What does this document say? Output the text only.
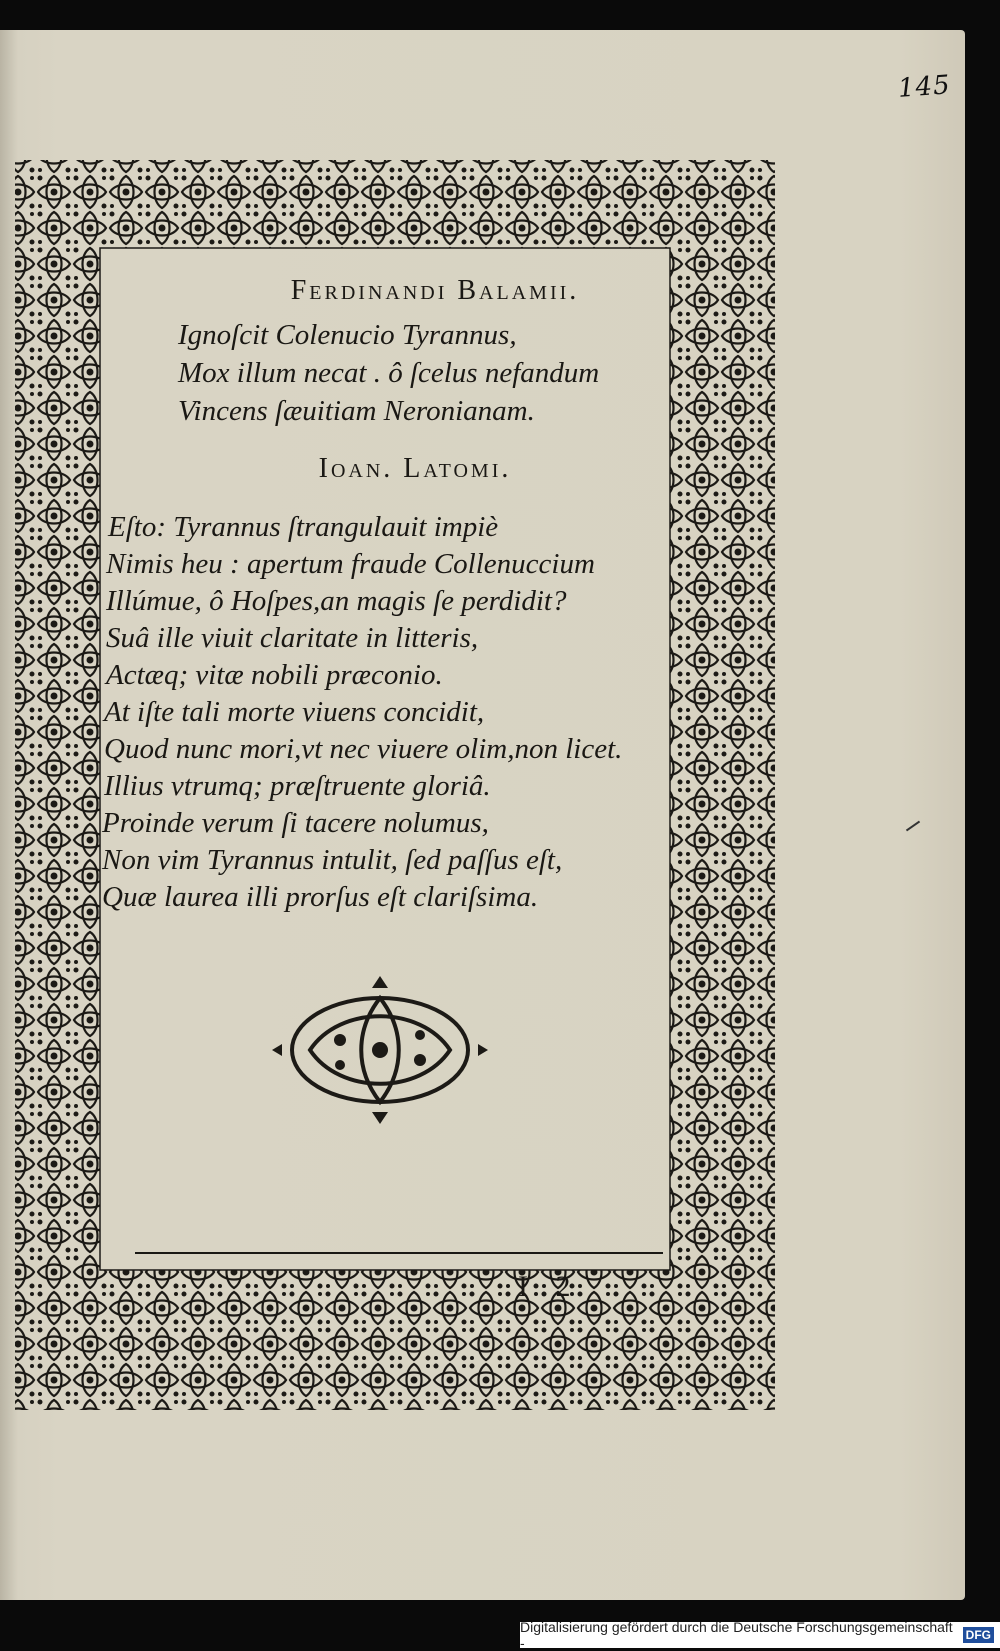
145

Ferdinandi Balamii.

Ignoſcit Colenucio Tyrannus,
Mox illum necat . ô ſcelus nefandum
Vincens ſæuitiam Neronianam.

Ioan. Latomi.

Eſto: Tyrannus ſtrangulauit impiè
Nimis heu : apertum fraude Collenuccium
Illúmue, ô Hoſpes,an magis ſe perdidit?
Suâ ille viuit claritate in litteris,
Actæq; vitæ nobili præconio.
At iſte tali morte viuens concidit,
Quod nunc mori,vt nec viuere olim,non licet.
Illius vtrumq; præſtruente gloriâ.
Proinde verum ſi tacere nolumus,
Non vim Tyrannus intulit, ſed paſſus eſt,
Quæ laurea illi prorſus eſt clariſsima.
I 2
Digitalisierung gefördert durch die Deutsche Forschungsgemeinschaft -	DFG
